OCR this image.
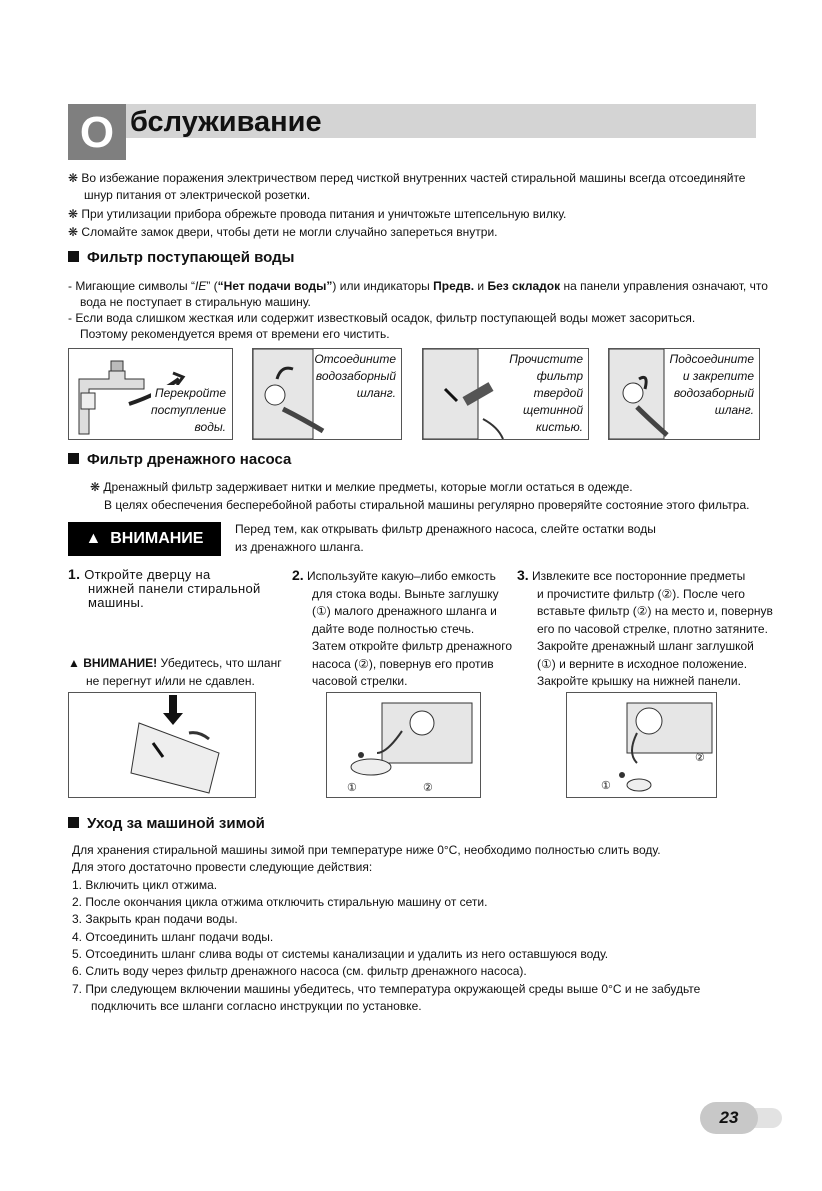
О бслуживание
❋ Во избежание поражения электричеством перед чисткой внутренних частей стиральной машины всегда отсоединяйте
шнур питания от электрической розетки.
❋ При утилизации прибора обрежьте провода питания и уничтожьте штепсельную вилку.
❋ Сломайте замок двери, чтобы дети не могли случайно запереться внутри.
Фильтр поступающей воды
- Мигающие символы “IE” (“Нет подачи воды”) или индикаторы Предв. и Без складок на панели управления означают, что
вода не поступает в стиральную машину.
- Если вода слишком жесткая или содержит известковый осадок, фильтр поступающей воды может засориться.
Поэтому рекомендуется время от времени его чистить.
Перекройте
поступление
воды.
Отсоедините
водозаборный
шланг.
Прочистите
фильтр
твердой
щетинной
кистью.
Подсоедините
и закрепите
водозаборный
шланг.
Фильтр дренажного насоса
❋ Дренажный фильтр задерживает нитки и мелкие предметы, которые могли остаться в одежде.
В целях обеспечения бесперебойной работы стиральной машины регулярно проверяйте состояние этого фильтра.
▲ ВНИМАНИЕ
Перед тем, как открывать фильтр дренажного насоса, слейте остатки воды
из дренажного шланга.
1. Откройте дверцу на
нижней панели стиральной
машины.
▲ ВНИМАНИЕ! Убедитесь, что шланг
не перегнут и/или не сдавлен.
2. Используйте какую–либо емкость
для стока воды. Выньте заглушку
(①) малого дренажного шланга и
дайте воде полностью стечь.
Затем откройте фильтр дренажного
насоса (②), повернув его против
часовой стрелки.
3. Извлеките все посторонние предметы
и прочистите фильтр (②). После чего
вставьте фильтр (②) на место и, повернув
его по часовой стрелке, плотно затяните.
Закройте дренажный шланг заглушкой
(①) и верните в исходное положение.
Закройте крышку на нижней панели.
①	②	①
②
Уход за машиной зимой
Для хранения стиральной машины зимой при температуре ниже 0°C, необходимо полностью слить воду.
Для этого достаточно провести следующие действия:
1. Включить цикл отжима.
2. После окончания цикла отжима отключить стиральную машину от сети.
3. Закрыть кран подачи воды.
4. Отсоединить шланг подачи воды.
5. Отсоединить шланг слива воды от системы канализации и удалить из него оставшуюся воду.
6. Слить воду через фильтр дренажного насоса (см. фильтр дренажного насоса).
7. При следующем включении машины убедитесь, что температура окружающей среды выше 0°C и не забудьте
подключить все шланги согласно инструкции по установке.
23
